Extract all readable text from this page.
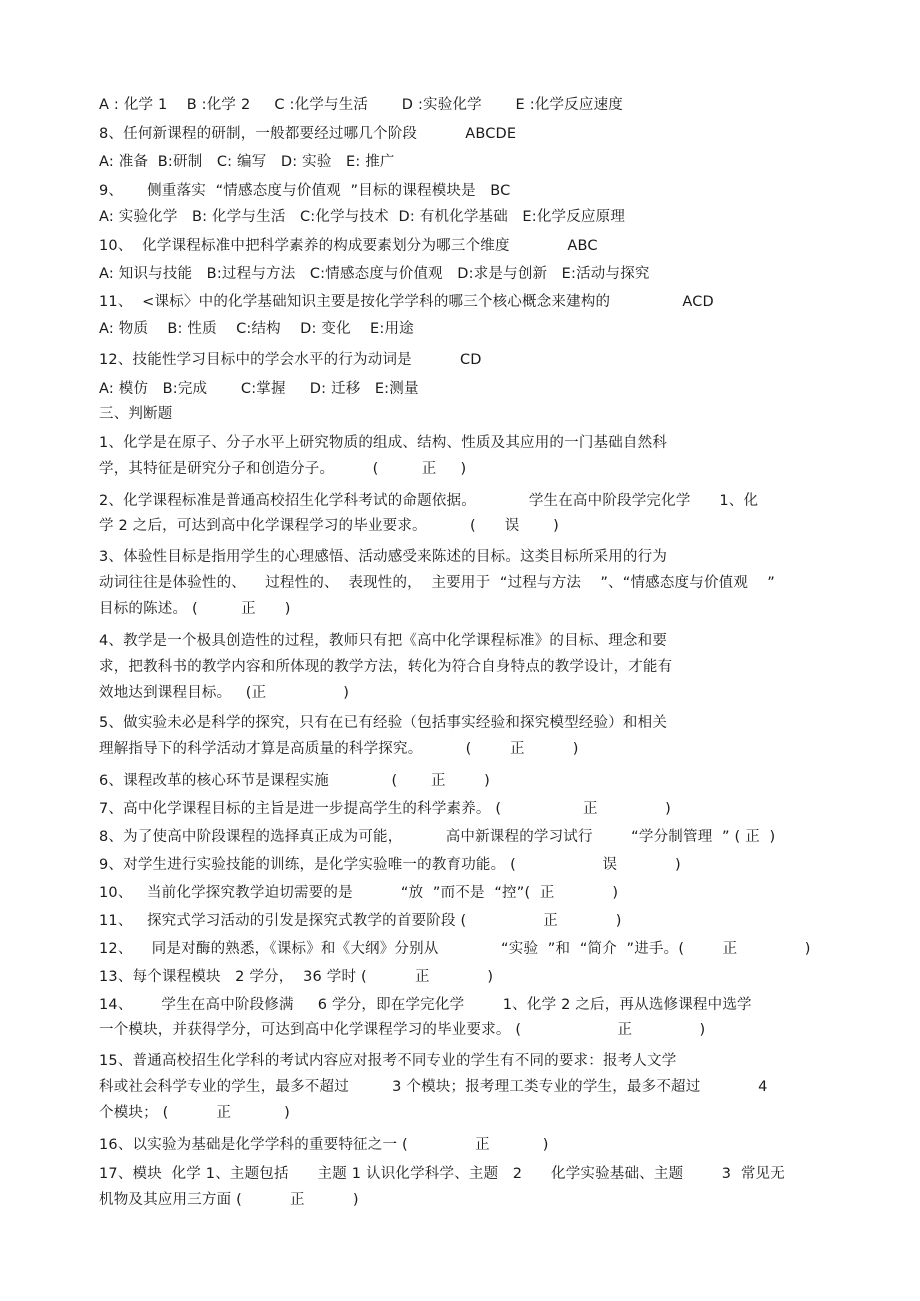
A : 化学 1    B :化学 2     C :化学与生活       D :实验化学       E :化学反应速度
8、任何新课程的研制，一般都要经过哪几个阶段          ABCDE
A: 准备  B:研制   C: 编写   D: 实验   E: 推广
9、     侧重落实  “情感态度与价值观  ”目标的课程模块是   BC
A: 实验化学   B: 化学与生活   C:化学与技术  D: 有机化学基础   E:化学反应原理
10、  化学课程标准中把科学素养的构成要素划分为哪三个维度            ABC
A: 知识与技能   B:过程与方法   C:情感态度与价值观   D:求是与创新   E:活动与探究
11、  <课标〉中的化学基础知识主要是按化学学科的哪三个核心概念来建构的               ACD
A: 物质    B: 性质    C:结构    D: 变化    E:用途
12、技能性学习目标中的学会水平的行为动词是          CD
A: 模仿   B:完成       C:掌握     D: 迁移   E:测量
三、判断题
1、化学是在原子、分子水平上研究物质的组成、结构、性质及其应用的一门基础自然科
学，其特征是研究分子和创造分子。        (         正     )
2、化学课程标准是普通高校招生化学科考试的命题依据。           学生在高中阶段学完化学      1、化
学 2 之后，可达到高中化学课程学习的毕业要求。         (      误       )
3、体验性目标是指用学生的心理感悟、活动感受来陈述的目标。这类目标所采用的行为
动词往往是体验性的、    过程性的、  表现性的，  主要用于  “过程与方法    ”、“情感态度与价值观    ”
目标的陈述。 (         正      )
4、教学是一个极具创造性的过程，教师只有把《高中化学课程标准》的目标、理念和要
求，把教科书的教学内容和所体现的教学方法，转化为符合自身特点的教学设计，才能有
效地达到课程目标。   (正                )
5、做实验未必是科学的探究，只有在已有经验（包括事实经验和探究模型经验）和相关
理解指导下的科学活动才算是高质量的科学探究。         (        正          )
6、课程改革的核心环节是课程实施             (       正        )
7、高中化学课程目标的主旨是进一步提高学生的科学素养。 (                 正              )
8、为了使高中阶段课程的选择真正成为可能，         高中新课程的学习试行        “学分制管理  ” ( 正  )
9、对学生进行实验技能的训练，是化学实验唯一的教育功能。 (                  误            )
10、   当前化学探究教学迫切需要的是          “放  ”而不是  “控”(  正            )
11、   探究式学习活动的引发是探究式教学的首要阶段 (                正            )
12、    同是对酶的熟悉，《课标》和《大纲》分别从             “实验  ”和  “简介  ”进手。(        正              )
13、每个课程模块   2 学分，  36 学时 (          正            )
14、      学生在高中阶段修满     6 学分，即在学完化学        1、化学 2 之后，再从选修课程中选学
一个模块，并获得学分，可达到高中化学课程学习的毕业要求。 (                    正              )
15、普通高校招生化学科的考试内容应对报考不同专业的学生有不同的要求：报考人文学
科或社会科学专业的学生，最多不超过         3 个模块；报考理工类专业的学生，最多不超过            4
个模块； (          正           )
16、以实验为基础是化学学科的重要特征之一 (              正           )
17、模块  化学 1、主题包括      主题 1 认识化学科学、主题   2      化学实验基础、主题        3  常见无
机物及其应用三方面 (          正          )
